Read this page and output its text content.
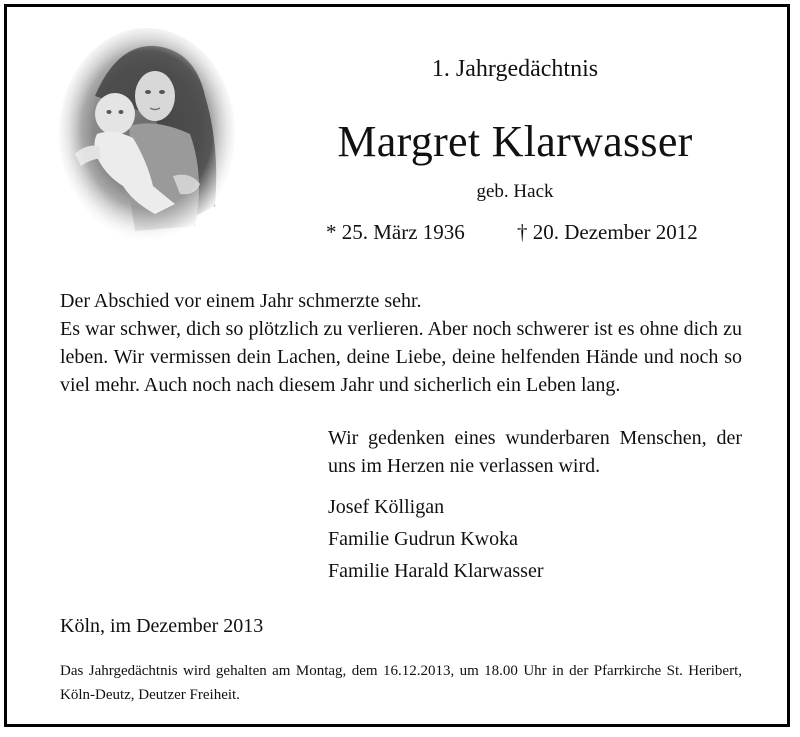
1. Jahrgedächtnis
Margret Klarwasser
geb. Hack
* 25. März 1936 † 20. Dezember 2012

Der Abschied vor einem Jahr schmerzte sehr.

Es war schwer, dich so plötzlich zu verlieren. Aber noch schwerer ist es ohne dich zu leben. Wir vermissen dein Lachen, deine Liebe, deine helfenden Hände und noch so viel mehr. Auch noch nach diesem Jahr und sicherlich ein Leben lang.

Wir gedenken eines wunderbaren Menschen, der uns im Herzen nie verlassen wird.

Josef Kölligan
Familie Gudrun Kwoka
Familie Harald Klarwasser
Köln, im Dezember 2013

Das Jahrgedächtnis wird gehalten am Montag, dem 16.12.2013, um 18.00 Uhr in der Pfarrkirche St. Heribert, Köln-Deutz, Deutzer Freiheit.
